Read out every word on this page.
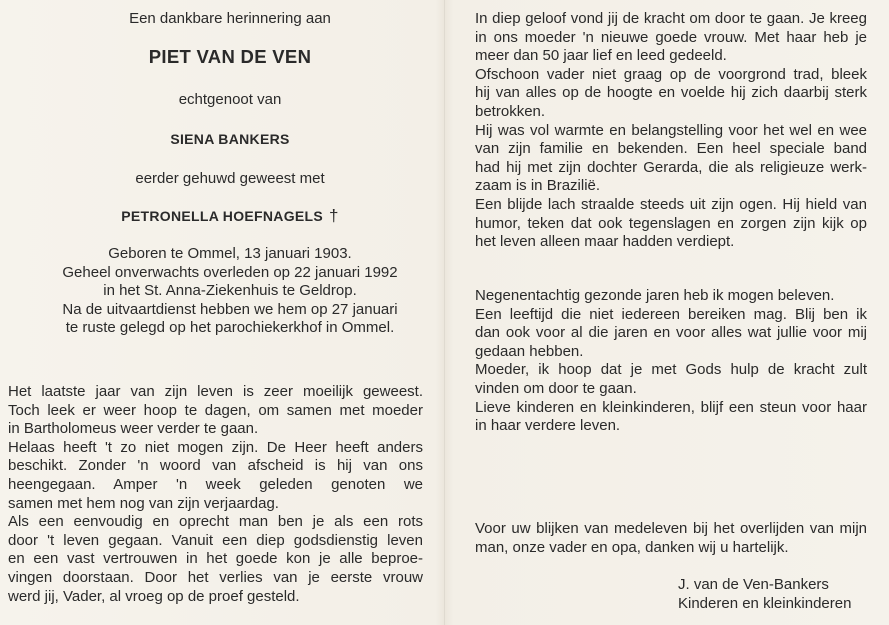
Een dankbare herinnering aan
PIET VAN DE VEN
echtgenoot van
SIENA BANKERS
eerder gehuwd geweest met
PETRONELLA HOEFNAGELS †
Geboren te Ommel, 13 januari 1903.
Geheel onverwachts overleden op 22 januari 1992
in het St. Anna-Ziekenhuis te Geldrop.
Na de uitvaartdienst hebben we hem op 27 januari
te ruste gelegd op het parochiekerkhof in Ommel.
Het laatste jaar van zijn leven is zeer moeilijk geweest.
Toch leek er weer hoop te dagen, om samen met moeder
in Bartholomeus weer verder te gaan.
Helaas heeft 't zo niet mogen zijn. De Heer heeft anders
beschikt. Zonder 'n woord van afscheid is hij van ons
heengegaan. Amper 'n week geleden genoten we
samen met hem nog van zijn verjaardag.
Als een eenvoudig en oprecht man ben je als een rots
door 't leven gegaan. Vanuit een diep godsdienstig leven
en een vast vertrouwen in het goede kon je alle beproe-
vingen doorstaan. Door het verlies van je eerste vrouw
werd jij, Vader, al vroeg op de proef gesteld.
In diep geloof vond jij de kracht om door te gaan. Je kreeg
in ons moeder 'n nieuwe goede vrouw. Met haar heb je
meer dan 50 jaar lief en leed gedeeld.
Ofschoon vader niet graag op de voorgrond trad, bleek
hij van alles op de hoogte en voelde hij zich daarbij sterk
betrokken.
Hij was vol warmte en belangstelling voor het wel en wee
van zijn familie en bekenden. Een heel speciale band
had hij met zijn dochter Gerarda, die als religieuze werk-
zaam is in Brazilië.
Een blijde lach straalde steeds uit zijn ogen. Hij hield van
humor, teken dat ook tegenslagen en zorgen zijn kijk op
het leven alleen maar hadden verdiept.
Negenentachtig gezonde jaren heb ik mogen beleven.
Een leeftijd die niet iedereen bereiken mag. Blij ben ik
dan ook voor al die jaren en voor alles wat jullie voor mij
gedaan hebben.
Moeder, ik hoop dat je met Gods hulp de kracht zult
vinden om door te gaan.
Lieve kinderen en kleinkinderen, blijf een steun voor haar
in haar verdere leven.
Voor uw blijken van medeleven bij het overlijden van mijn
man, onze vader en opa, danken wij u hartelijk.
J. van de Ven-Bankers
Kinderen en kleinkinderen
